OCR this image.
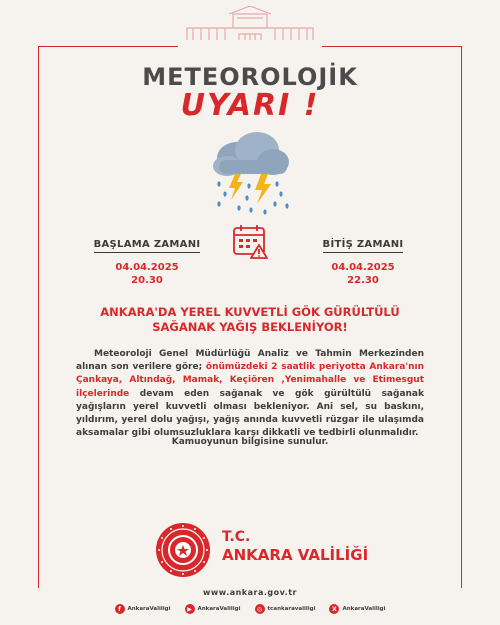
METEOROLOJİK
UYARI !
BAŞLAMA ZAMANI
04.04.2025
20.30
BİTİŞ ZAMANI
04.04.2025
22.30
ANKARA'DA YEREL KUVVETLİ GÖK GÜRÜLTÜLÜ
SAĞANAK YAĞIŞ BEKLENİYOR!
Meteoroloji Genel Müdürlüğü Analiz ve Tahmin Merkezinden alınan son verilere göre; önümüzdeki 2 saatlik periyotta Ankara'nın Çankaya, Altındağ, Mamak, Keçiören ,Yenimahalle ve Etimesgut ilçelerinde devam eden sağanak ve gök gürültülü sağanak yağışların yerel kuvvetli olması bekleniyor. Ani sel, su baskını, yıldırım, yerel dolu yağışı, yağış anında kuvvetli rüzgar ile ulaşımda aksamalar gibi olumsuzluklara karşı dikkatli ve tedbirli olunmalıdır.
Kamuoyunun bilgisine sunulur.
T.C.
ANKARA VALİLİĞİ
www.ankara.gov.tr
f	AnkaraValiligi	▶	AnkaraValiligi	◎ tcankaravaliligi	X	AnkaraValiligi
